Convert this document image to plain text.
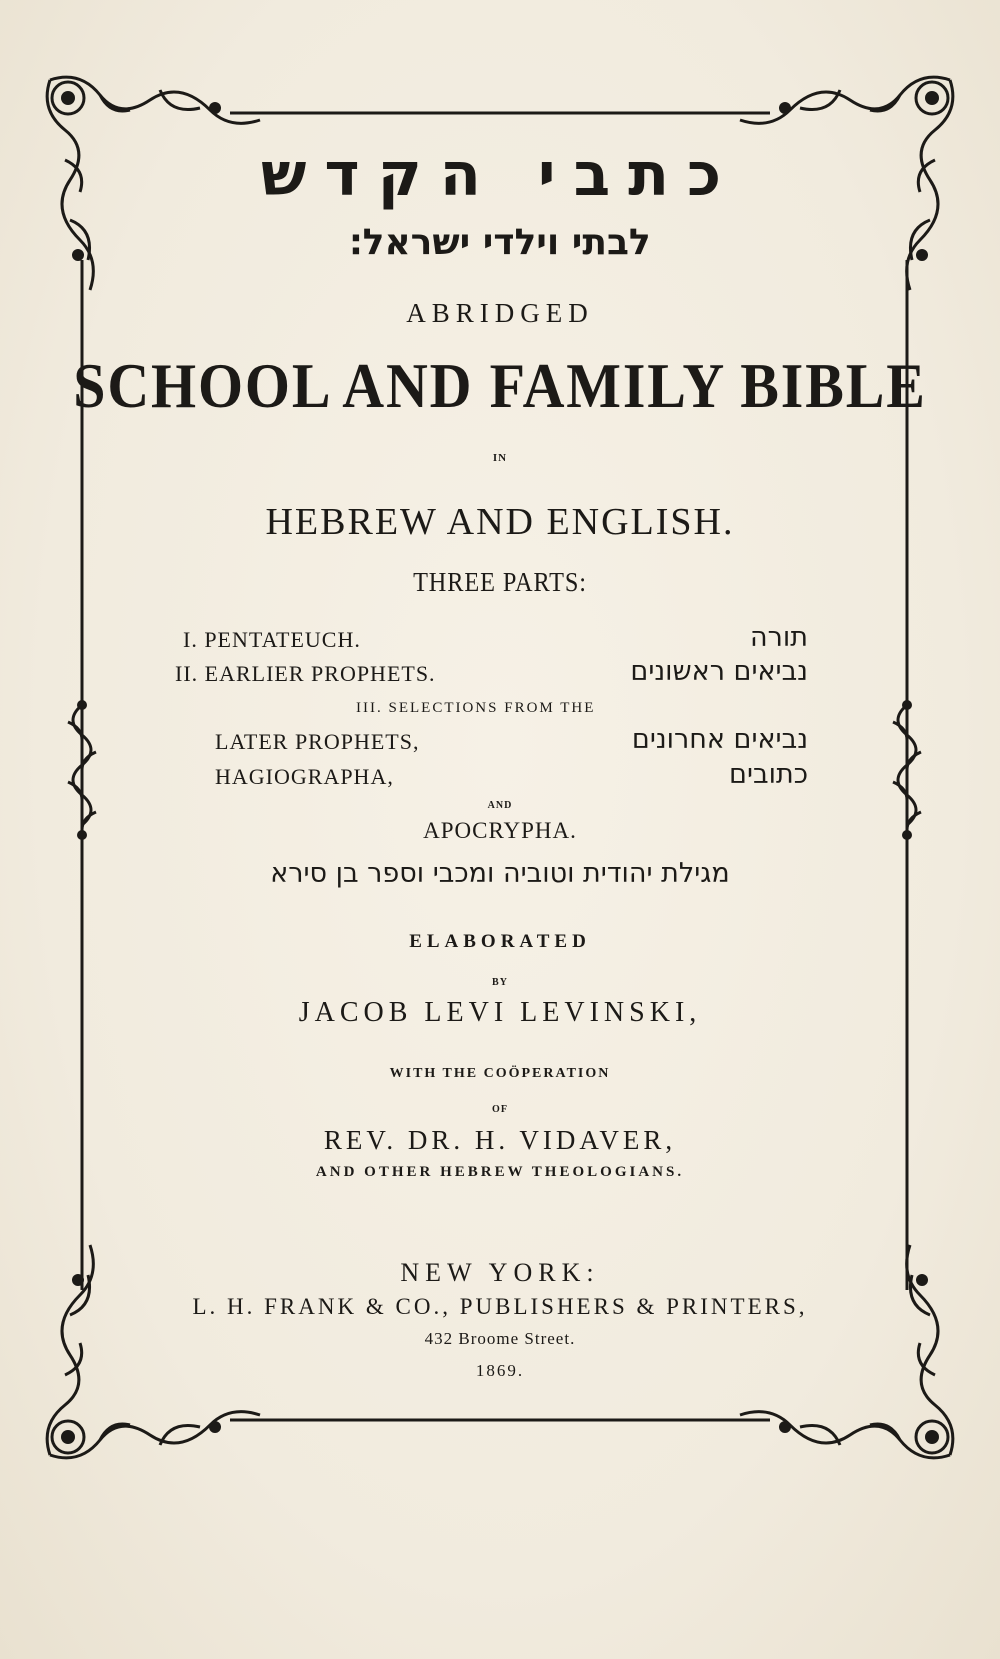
כתבי הקדש

לבתי וילדי ישראל׃

ABRIDGED

SCHOOL AND FAMILY BIBLE

IN

HEBREW AND ENGLISH.

THREE PARTS:

I. PENTATEUCH.	תורה

II. EARLIER PROPHETS.	נביאים ראשונים

III. SELECTIONS FROM THE

LATER PROPHETS,	נביאים אחרונים

HAGIOGRAPHA,	כתובים

AND

APOCRYPHA.

מגילת יהודית וטוביה ומכבי וספר בן סירא

ELABORATED

BY

JACOB LEVI LEVINSKI,

WITH THE COÖPERATION

OF

REV. DR. H. VIDAVER,

AND OTHER HEBREW THEOLOGIANS.

NEW YORK:

L. H. FRANK & CO., PUBLISHERS & PRINTERS,

432 Broome Street.

1869.
